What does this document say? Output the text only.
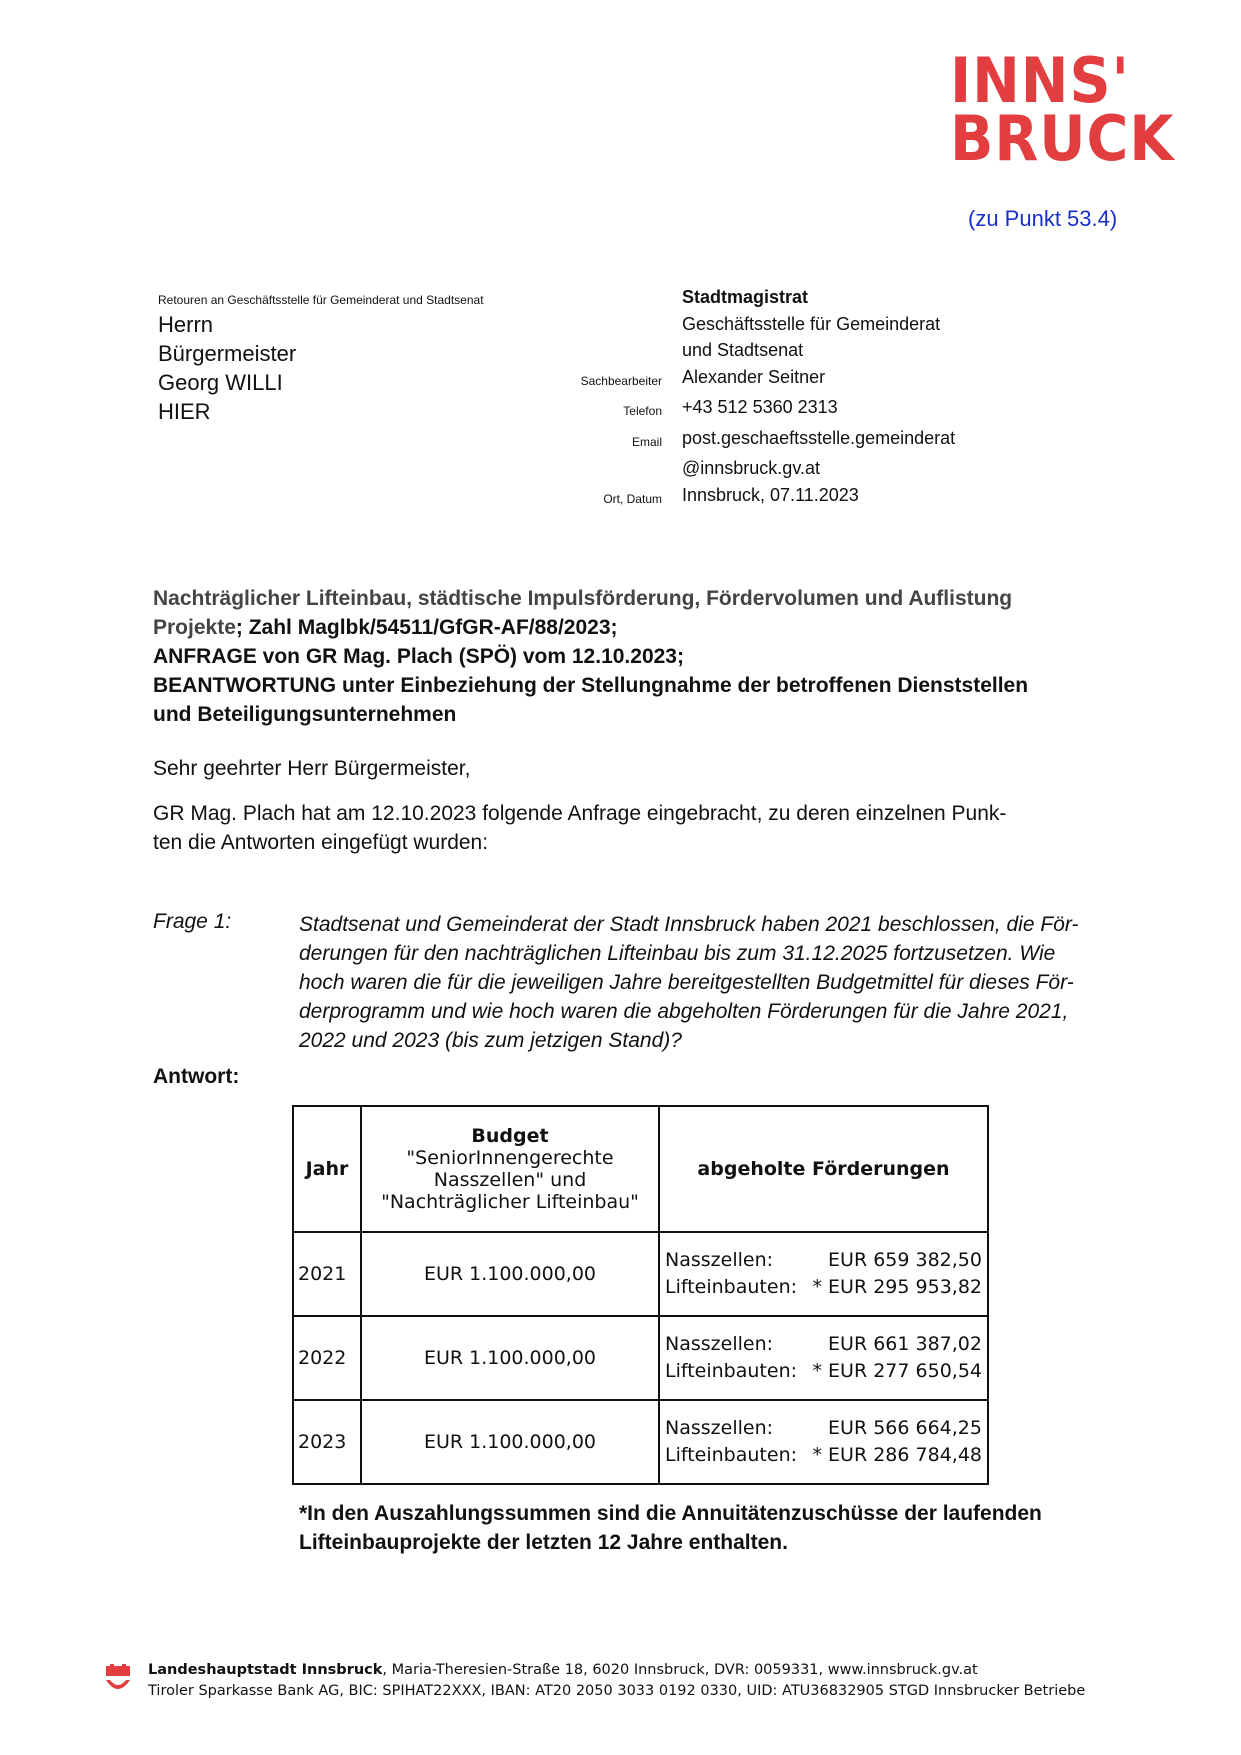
INNS'
BRUCK
(zu Punkt 53.4)
Retouren an Geschäftsstelle für Gemeinderat und Stadtsenat
Herrn
Bürgermeister
Georg WILLI
HIER
Stadtmagistrat
Geschäftsstelle für Gemeinderat
und Stadtsenat
Sachbearbeiter	Alexander Seitner
Telefon	+43 512 5360 2313
Email	post.geschaeftsstelle.gemeinderat
@innsbruck.gv.at
Ort, Datum	Innsbruck, 07.11.2023
Nachträglicher Lifteinbau, städtische Impulsförderung, Fördervolumen und Auflistung
Projekte; Zahl Maglbk/54511/GfGR-AF/88/2023;
ANFRAGE von GR Mag. Plach (SPÖ) vom 12.10.2023;
BEANTWORTUNG unter Einbeziehung der Stellungnahme der betroffenen Dienststellen
und Beteiligungsunternehmen
Sehr geehrter Herr Bürgermeister,
GR Mag. Plach hat am 12.10.2023 folgende Anfrage eingebracht, zu deren einzelnen Punk-
ten die Antworten eingefügt wurden:
Frage 1:	Stadtsenat und Gemeinderat der Stadt Innsbruck haben 2021 beschlossen, die För-
derungen für den nachträglichen Lifteinbau bis zum 31.12.2025 fortzusetzen. Wie
hoch waren die für die jeweiligen Jahre bereitgestellten Budgetmittel für dieses För-
derprogramm und wie hoch waren die abgeholten Förderungen für die Jahre 2021,
2022 und 2023 (bis zum jetzigen Stand)?
Antwort:
Jahr	Budget
"SeniorInnengerechte
Nasszellen" und
"Nachträglicher Lifteinbau"	abgeholte Förderungen
2021	EUR 1.100.000,00	Nasszellen: EUR 659 382,50
Lifteinbauten: * EUR 295 953,82

2022	EUR 1.100.000,00	Nasszellen: EUR 661 387,02
Lifteinbauten: * EUR 277 650,54

2023	EUR 1.100.000,00	Nasszellen: EUR 566 664,25
Lifteinbauten: * EUR 286 784,48
*In den Auszahlungssummen sind die Annuitätenzuschüsse der laufenden
Lifteinbauprojekte der letzten 12 Jahre enthalten.
Landeshauptstadt Innsbruck, Maria-Theresien-Straße 18, 6020 Innsbruck, DVR: 0059331, www.innsbruck.gv.at
Tiroler Sparkasse Bank AG, BIC: SPIHAT22XXX, IBAN: AT20 2050 3033 0192 0330, UID: ATU36832905 STGD Innsbrucker Betriebe
